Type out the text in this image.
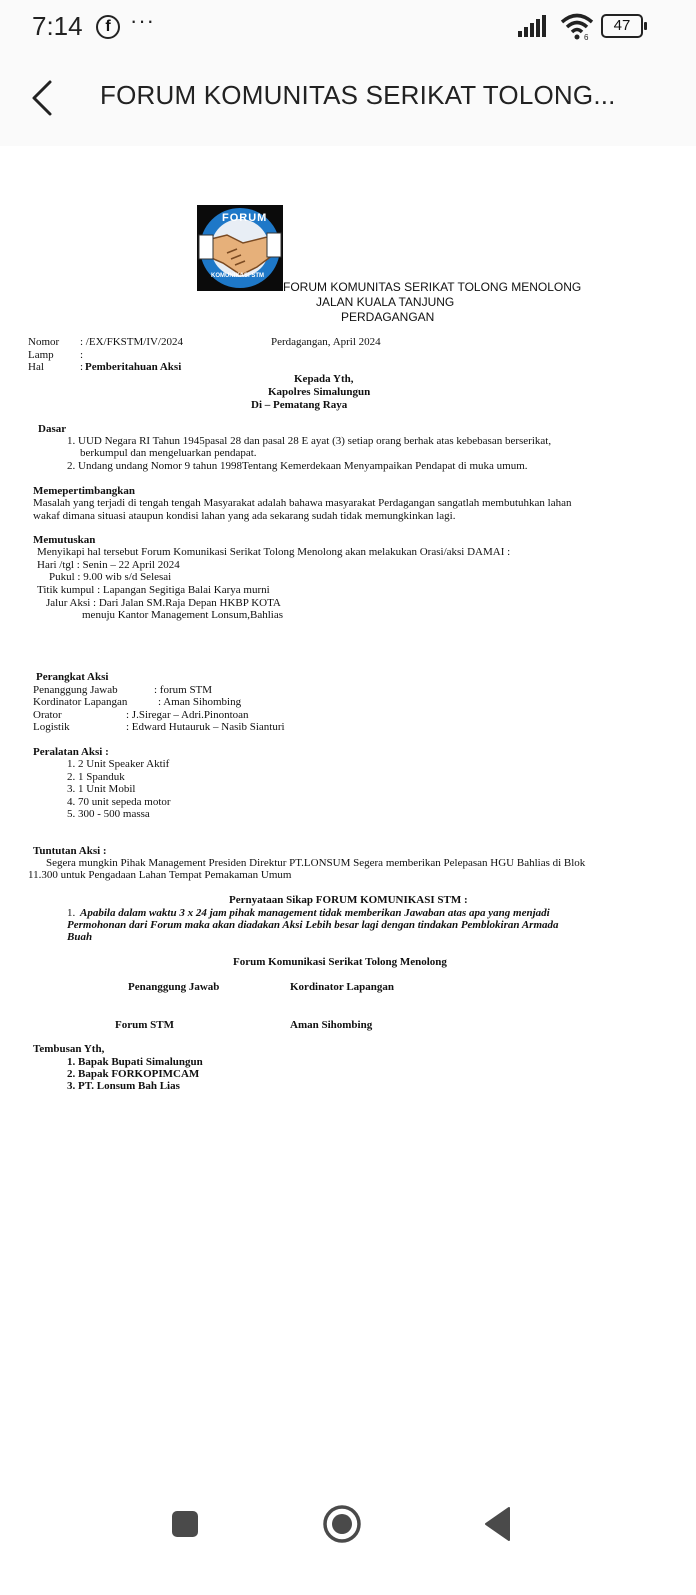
7:14	f ···
6
47
FORUM KOMUNITAS SERIKAT TOLONG...
FORUM
KOMUNIKASI STM
FORUM KOMUNITAS SERIKAT TOLONG MENOLONG
JALAN KUALA TANJUNG
PERDAGANGAN
Nomor : /EX/FKSTM/IV/2024	Perdagangan, April 2024
Lamp :
Hal	: Pemberitahuan Aksi
Kepada Yth,
Kapolres Simalungun
Di – Pematang Raya
Dasar
1. UUD Negara RI Tahun 1945pasal 28 dan pasal 28 E ayat (3) setiap orang berhak atas kebebasan berserikat,
berkumpul dan mengeluarkan pendapat.
2. Undang undang Nomor 9 tahun 1998Tentang Kemerdekaan Menyampaikan Pendapat di muka umum.
Memepertimbangkan
Masalah yang terjadi di tengah tengah Masyarakat adalah bahawa masyarakat Perdagangan sangatlah membutuhkan lahan
wakaf dimana situasi ataupun kondisi lahan yang ada sekarang sudah tidak memungkinkan lagi.
Memutuskan
Menyikapi hal tersebut Forum Komunikasi Serikat Tolong Menolong akan melakukan Orasi/aksi DAMAI :
Hari /tgl : Senin – 22 April 2024
Pukul : 9.00 wib s/d Selesai
Titik kumpul : Lapangan Segitiga Balai Karya murni
Jalur Aksi : Dari Jalan SM.Raja Depan HKBP KOTA
menuju Kantor Management Lonsum,Bahlias
Perangkat Aksi
Penanggung Jawab	: forum STM
Kordinator Lapangan	: Aman Sihombing
Orator	: J.Siregar – Adri.Pinontoan
Logistik	: Edward Hutauruk – Nasib Sianturi
Peralatan Aksi :
1. 2 Unit Speaker Aktif
2. 1 Spanduk
3. 1 Unit Mobil
4. 70 unit sepeda motor
5. 300 - 500 massa
Tuntutan Aksi :
Segera mungkin Pihak Management Presiden Direktur PT.LONSUM Segera memberikan Pelepasan HGU Bahlias di Blok
11.300 untuk Pengadaan Lahan Tempat Pemakaman Umum
Pernyataan Sikap FORUM KOMUNIKASI STM :
1. Apabila dalam waktu 3 x 24 jam pihak management tidak memberikan Jawaban atas apa yang menjadi
Permohonan dari Forum maka akan diadakan Aksi Lebih besar lagi dengan tindakan Pemblokiran Armada
Buah
Forum Komunikasi Serikat Tolong Menolong
Penanggung Jawab	Kordinator Lapangan
Forum STM	Aman Sihombing
Tembusan Yth,
1. Bapak Bupati Simalungun
2. Bapak FORKOPIMCAM
3. PT. Lonsum Bah Lias
